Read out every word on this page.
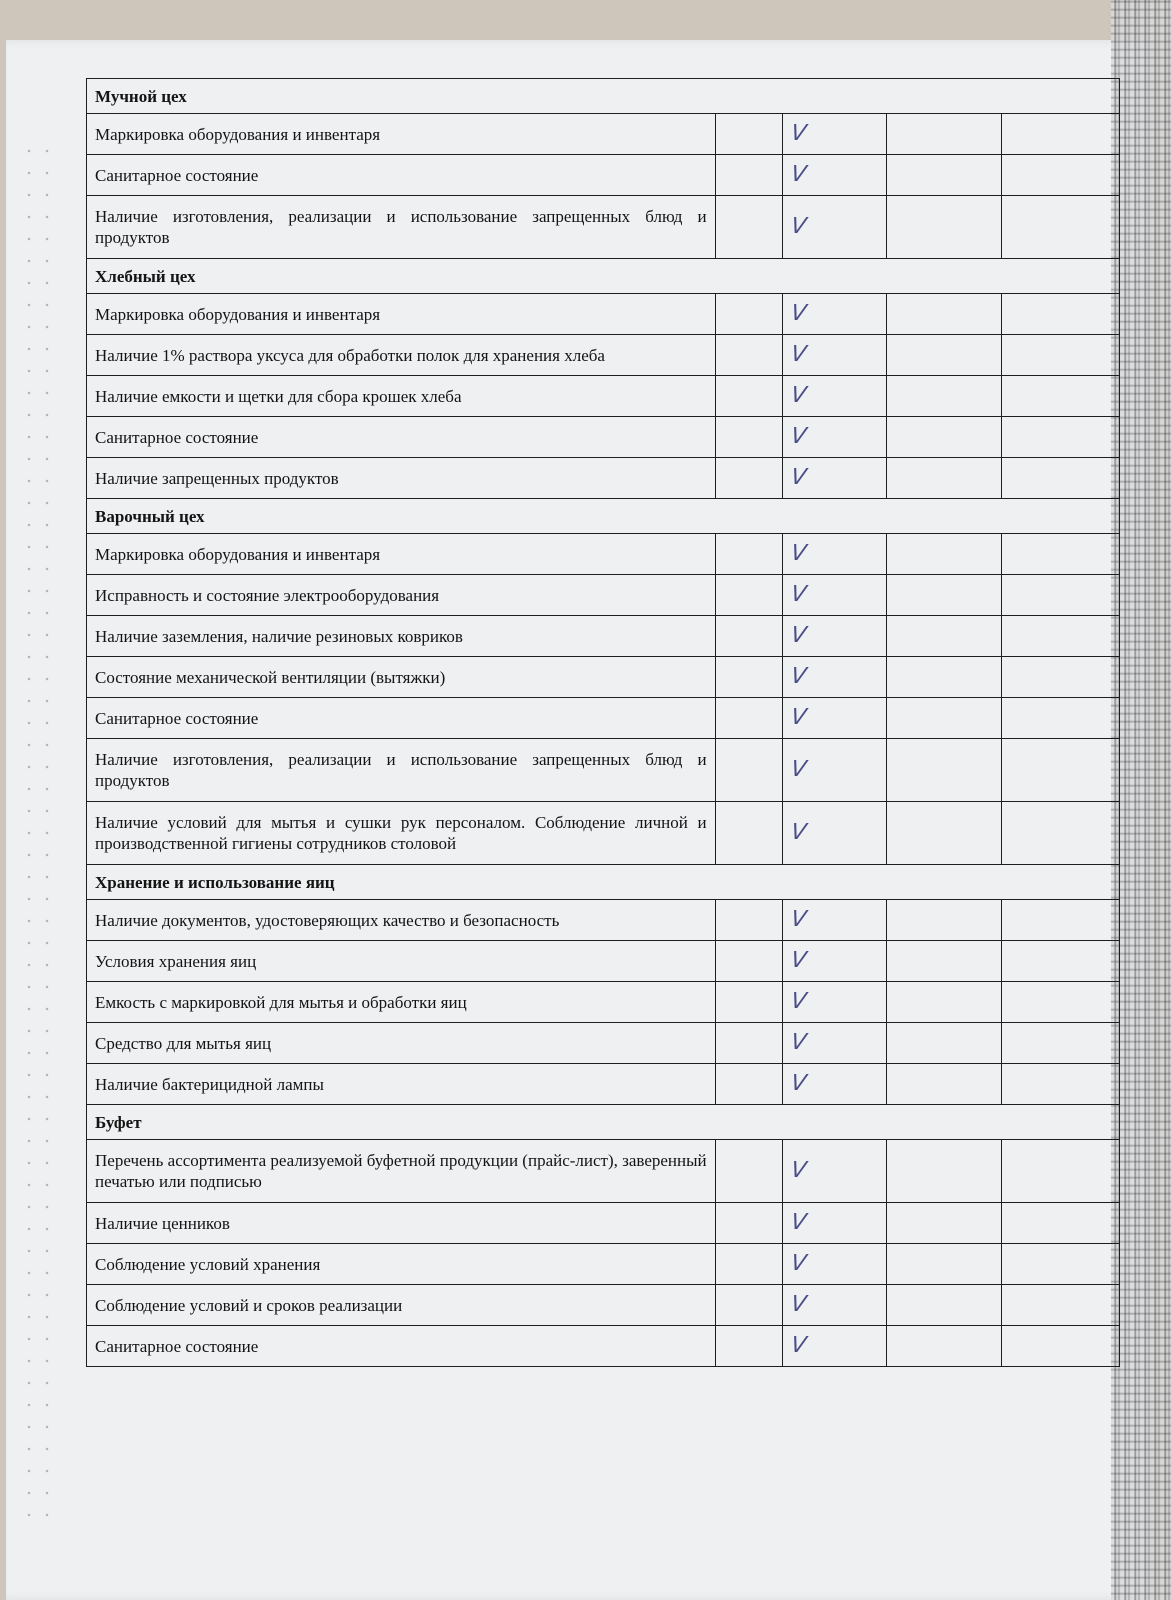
Мучной цех				
Маркировка оборудования и инвентаря		V		
Санитарное состояние		V		
Наличие изготовления, реализации и использование запрещенных блюд и продуктов		V		
Хлебный цех				
Маркировка оборудования и инвентаря		V		
Наличие 1% раствора уксуса для обработки полок для хранения хлеба		V		
Наличие емкости и щетки для сбора крошек хлеба		V		
Санитарное состояние		V		
Наличие запрещенных продуктов		V		
Варочный цех				
Маркировка оборудования и инвентаря		V		
Исправность и состояние электрооборудования		V		
Наличие заземления, наличие резиновых ковриков		V		
Состояние механической вентиляции (вытяжки)		V		
Санитарное состояние		V		
Наличие изготовления, реализации и использование запрещенных блюд и продуктов		V		
Наличие условий для мытья и сушки рук персоналом. Соблюдение личной и производственной гигиены сотрудников столовой		V		
Хранение и использование яиц				
Наличие документов, удостоверяющих качество и безопасность		V		
Условия хранения яиц		V		
Емкость с маркировкой для мытья и обработки яиц		V		
Средство для мытья яиц		V		
Наличие бактерицидной лампы		V		
Буфет				
Перечень ассортимента реализуемой буфетной продукции (прайс-лист), заверенный печатью или подписью		V		
Наличие ценников		V		
Соблюдение условий хранения		V		
Соблюдение условий и сроков реализации		V		
Санитарное состояние		V		
